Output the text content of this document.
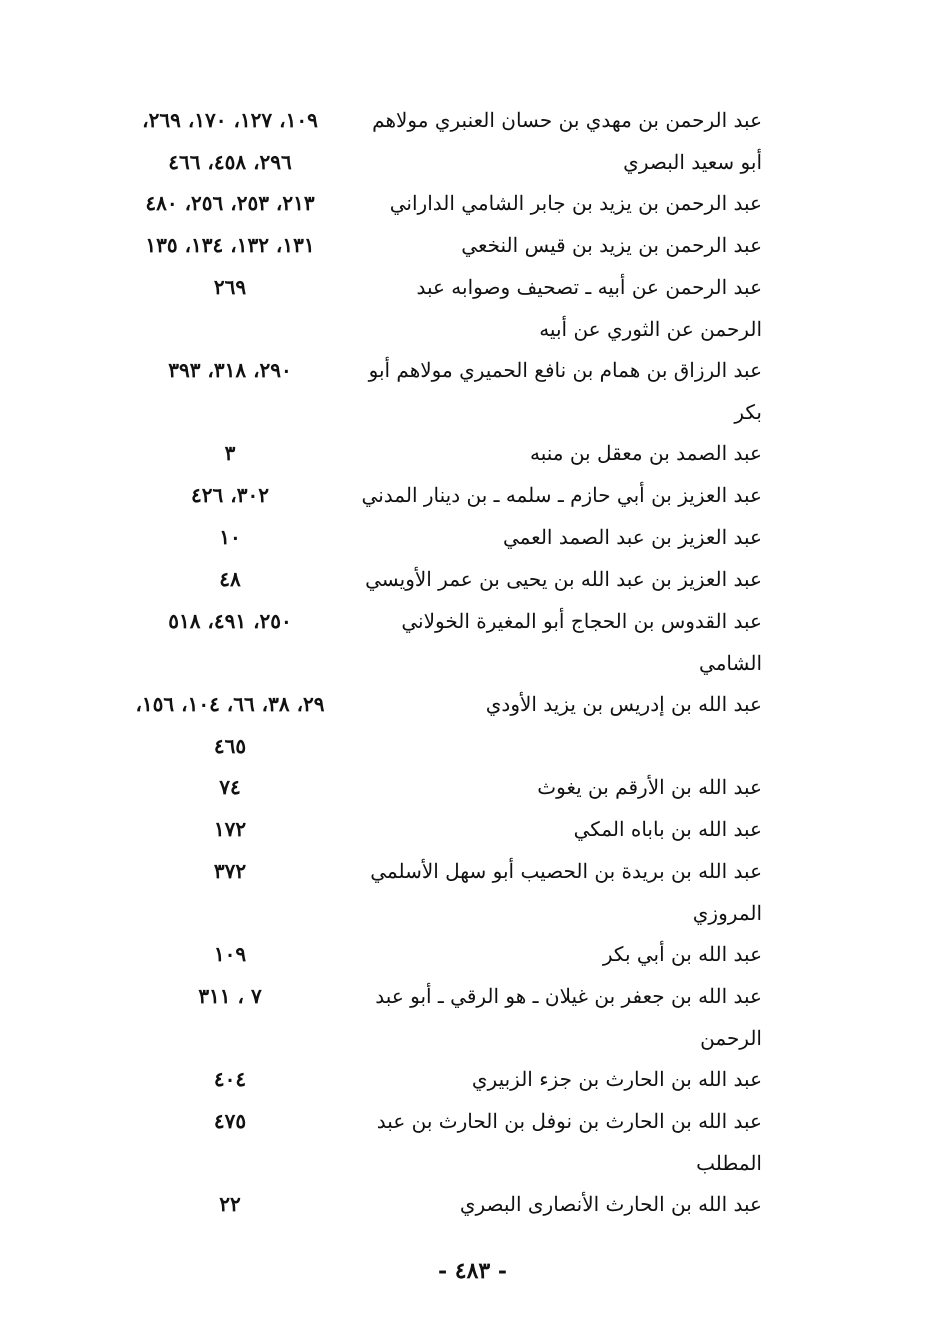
عبد الرحمن بن مهدي بن حسان العنبري مولاهم أبو سعيد البصري
١٠٩، ١٢٧، ١٧٠، ٢٦٩، ٢٩٦، ٤٥٨، ٤٦٦
عبد الرحمن بن يزيد بن جابر الشامي الداراني
٢١٣، ٢٥٣، ٢٥٦، ٤٨٠
عبد الرحمن بن يزيد بن قيس النخعي
١٣١، ١٣٢، ١٣٤، ١٣٥
عبد الرحمن عن أبيه ـ تصحيف وصوابه عبد الرحمن عن الثوري عن أبيه
٢٦٩
عبد الرزاق بن همام بن نافع الحميري مولاهم أبو بكر
٢٩٠، ٣١٨، ٣٩٣
عبد الصمد بن معقل بن منبه
٣
عبد العزيز بن أبي حازم ـ سلمه ـ بن دينار المدني
٣٠٢، ٤٢٦
عبد العزيز بن عبد الصمد العمي
١٠
عبد العزيز بن عبد الله بن يحيى بن عمر الأويسي
٤٨
عبد القدوس بن الحجاج أبو المغيرة الخولاني الشامي
٢٥٠، ٤٩١، ٥١٨
عبد الله بن إدريس بن يزيد الأودي
٢٩، ٣٨، ٦٦، ١٠٤، ١٥٦، ٤٦٥
عبد الله بن الأرقم بن يغوث
٧٤
عبد الله بن باباه المكي
١٧٢
عبد الله بن بريدة بن الحصيب أبو سهل الأسلمي المروزي
٣٧٢
عبد الله بن أبي بكر
١٠٩
عبد الله بن جعفر بن غيلان ـ هو الرقي ـ أبو عبد الرحمن
٧ ، ٣١١
عبد الله بن الحارث بن جزء الزبيري
٤٠٤
عبد الله بن الحارث بن نوفل بن الحارث بن عبد المطلب
٤٧٥
عبد الله بن الحارث الأنصارى البصري
٢٢
- ٤٨٣ -
